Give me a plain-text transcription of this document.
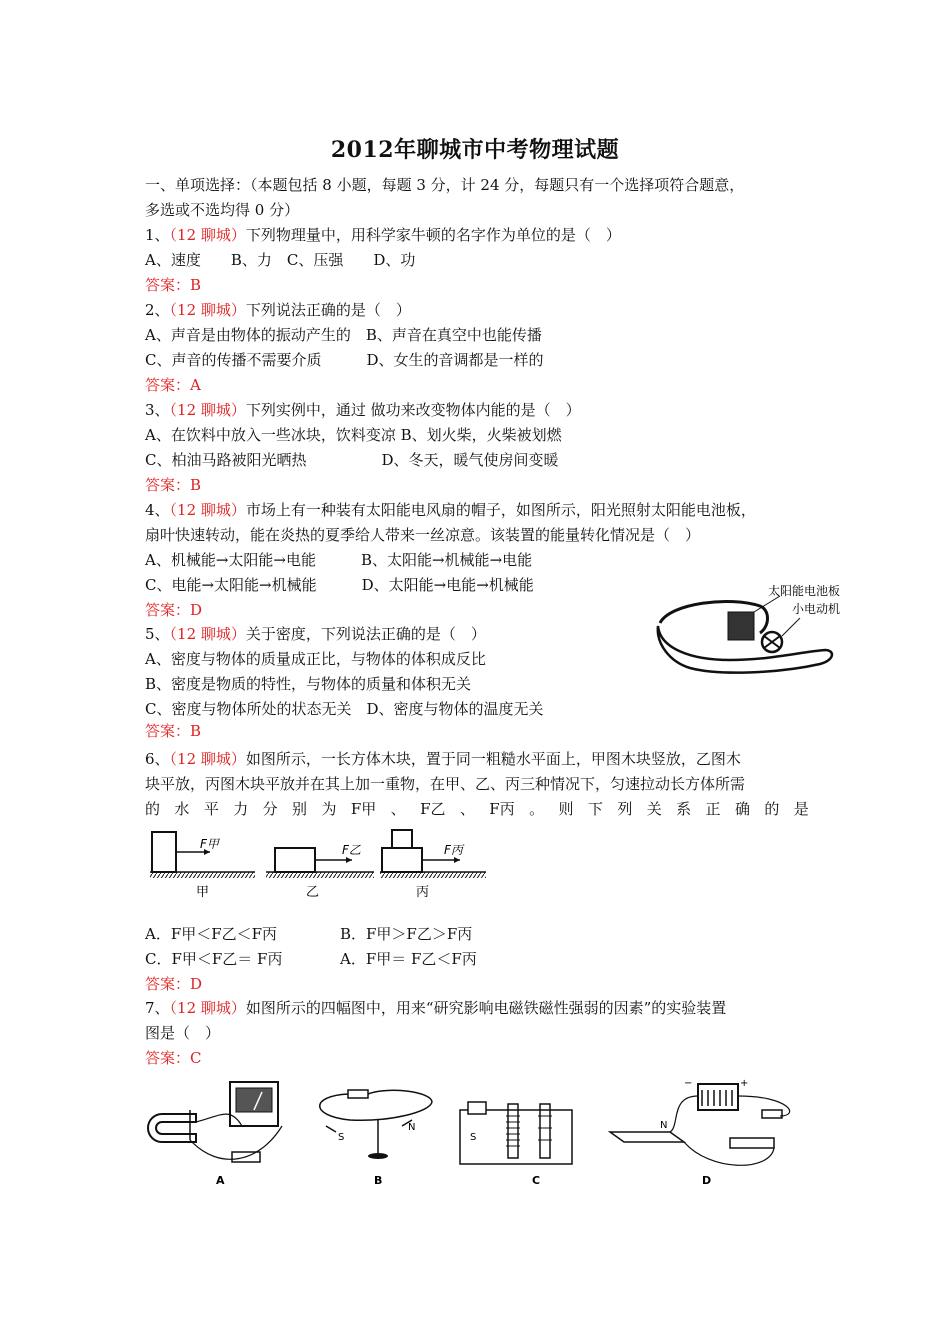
2012年聊城市中考物理试题
一、单项选择：（本题包括 8 小题，每题 3 分，计 24 分，每题只有一个选择项符合题意，
多选或不选均得 0 分）
1、（12 聊城）下列物理量中，用科学家牛顿的名字作为单位的是（　）
A、速度　　B、力　C、压强　　D、功
答案：B
2、（12 聊城）下列说法正确的是（　）
A、声音是由物体的振动产生的　B、声音在真空中也能传播
C、声音的传播不需要介质　　　D、女生的音调都是一样的
答案：A
3、（12 聊城）下列实例中，通过 做功来改变物体内能的是（　）
A、在饮料中放入一些冰块，饮料变凉 B、划火柴，火柴被划燃
C、柏油马路被阳光晒热　　　　　D、冬天，暖气使房间变暖
答案：B
4、（12 聊城）市场上有一种装有太阳能电风扇的帽子，如图所示，阳光照射太阳能电池板，
扇叶快速转动，能在炎热的夏季给人带来一丝凉意。该装置的能量转化情况是（　）
A、机械能→太阳能→电能　　　B、太阳能→机械能→电能
C、电能→太阳能→机械能　　　D、太阳能→电能→机械能
答案：D
太阳能电池板
小电动机
5、（12 聊城）关于密度，下列说法正确的是（　）
A、密度与物体的质量成正比，与物体的体积成反比
B、密度是物质的特性，与物体的质量和体积无关
C、密度与物体所处的状态无关　D、密度与物体的温度无关
答案：B
6、（12 聊城）如图所示，一长方体木块，置于同一粗糙水平面上，甲图木块竖放，乙图木
块平放，丙图木块平放并在其上加一重物，在甲、乙、丙三种情况下，匀速拉动长方体所需
的 水 平 力 分 别 为 F甲 、 F乙 、 F丙 。 则 下 列 关 系 正 确 的 是
F甲
甲
F乙
乙
F丙
丙
A．F甲＜F乙＜F丙	B．F甲＞F乙＞F丙
C．F甲＜F乙＝ F丙	A．F甲＝ F乙＜F丙
答案：D
7、（12 聊城）如图所示的四幅图中，用来“研究影响电磁铁磁性强弱的因素”的实验装置
图是（　）
答案：C
A
S
N
B
S
C
−	+
N
D
